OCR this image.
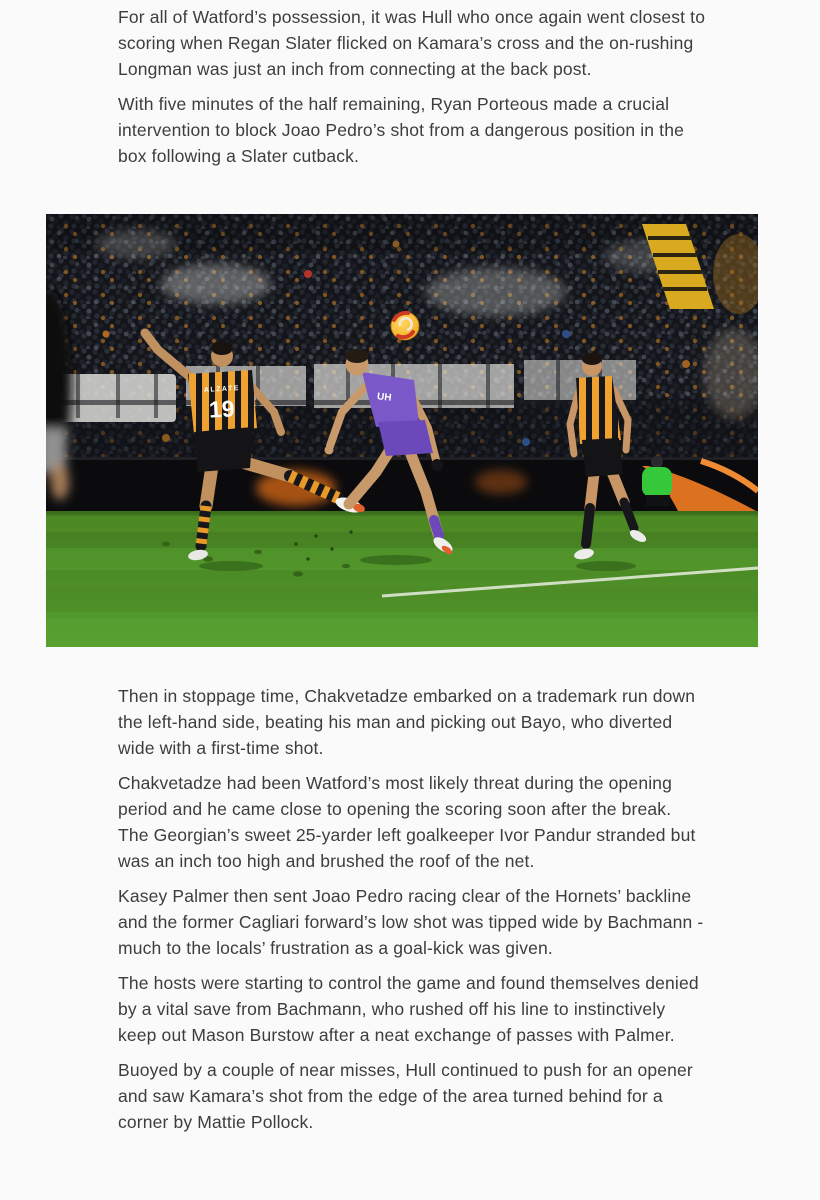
For all of Watford’s possession, it was Hull who once again went closest to scoring when Regan Slater flicked on Kamara’s cross and the on-rushing Longman was just an inch from connecting at the back post.

With five minutes of the half remaining, Ryan Porteous made a crucial intervention to block Joao Pedro’s shot from a dangerous position in the box following a Slater cutback.

ALZATE
19	UH

Then in stoppage time, Chakvetadze embarked on a trademark run down the left-hand side, beating his man and picking out Bayo, who diverted wide with a first-time shot.

Chakvetadze had been Watford’s most likely threat during the opening period and he came close to opening the scoring soon after the break. The Georgian’s sweet 25-yarder left goalkeeper Ivor Pandur stranded but was an inch too high and brushed the roof of the net.

Kasey Palmer then sent Joao Pedro racing clear of the Hornets’ backline and the former Cagliari forward’s low shot was tipped wide by Bachmann - much to the locals’ frustration as a goal-kick was given.

The hosts were starting to control the game and found themselves denied by a vital save from Bachmann, who rushed off his line to instinctively keep out Mason Burstow after a neat exchange of passes with Palmer.

Buoyed by a couple of near misses, Hull continued to push for an opener and saw Kamara’s shot from the edge of the area turned behind for a corner by Mattie Pollock.
